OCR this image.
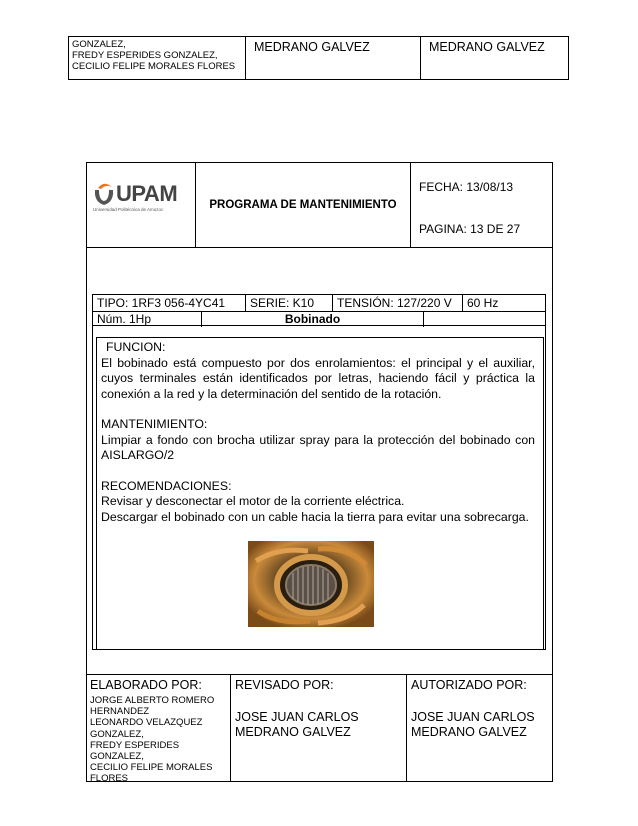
GONZALEZ,
FREDY ESPERIDES GONZALEZ,
CECILIO FELIPE MORALES FLORES
MEDRANO GALVEZ	MEDRANO GALVEZ
UPAM
Universidad Politécnica de Amozoc	PROGRAMA DE MANTENIMIENTO
FECHA: 13/08/13
PAGINA: 13 DE 27
TIPO: 1RF3 056-4YC41	SERIE: K10	TENSIÓN: 127/220 V	60 Hz
Núm. 1Hp	Bobinado

FUNCION:

El bobinado está compuesto por dos enrolamientos: el principal y el auxiliar, cuyos terminales están identificados por letras, haciendo fácil y práctica la conexión a la red y la determinación del sentido de la rotación.

MANTENIMIENTO:

Limpiar a fondo con brocha utilizar spray para la protección del bobinado con AISLARGO/2

RECOMENDACIONES:

Revisar y desconectar el motor de la corriente eléctrica.

Descargar el bobinado con un cable hacia la tierra para evitar una sobrecarga.

ELABORADO POR:
JORGE ALBERTO ROMERO
HERNANDEZ
LEONARDO VELAZQUEZ
GONZALEZ,
FREDY ESPERIDES
GONZALEZ,
CECILIO FELIPE MORALES
FLORES
REVISADO POR:
JOSE JUAN CARLOS
MEDRANO GALVEZ
AUTORIZADO POR:
JOSE JUAN CARLOS
MEDRANO GALVEZ
